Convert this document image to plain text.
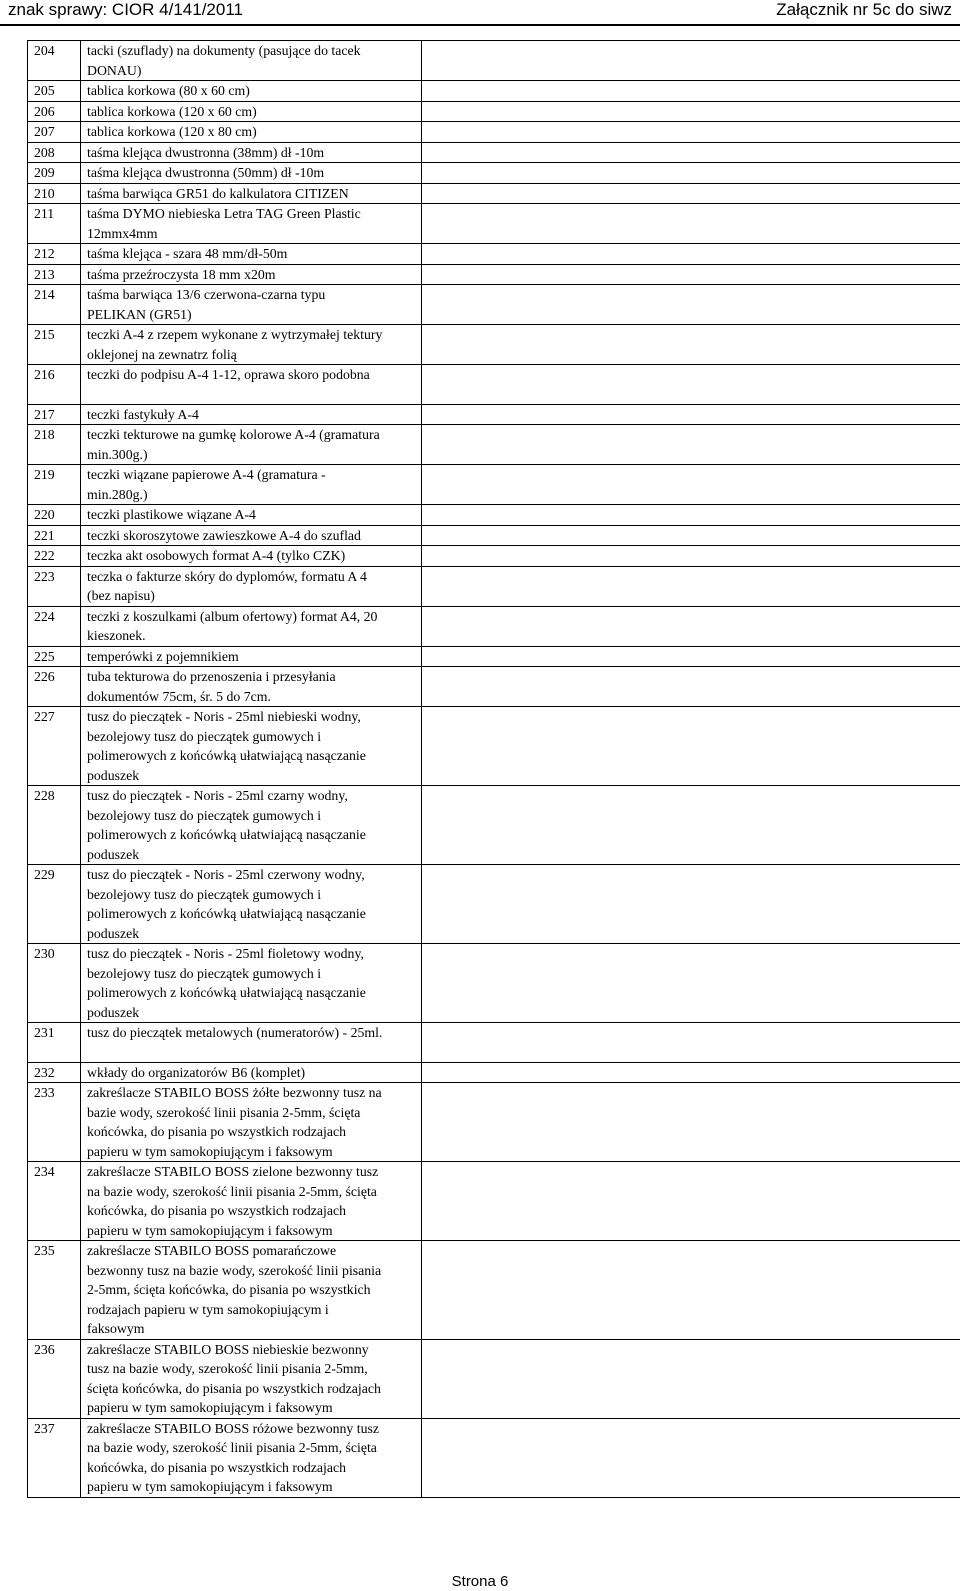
znak sprawy: CIOR 4/141/2011	Załącznik nr 5c do siwz
204	tacki (szuflady) na dokumenty (pasujące do tacek
DONAU)	

205	tablica korkowa (80 x 60 cm)	

206	tablica korkowa (120 x 60 cm)	

207	tablica korkowa (120 x 80 cm)	

208	taśma klejąca dwustronna (38mm) dł -10m	

209	taśma klejąca dwustronna (50mm) dł -10m	

210	taśma barwiąca GR51 do kalkulatora CITIZEN	

211	taśma DYMO niebieska Letra TAG Green Plastic
12mmx4mm	

212	taśma klejąca - szara 48 mm/dł-50m	

213	taśma przeźroczysta 18 mm x20m	

214	taśma barwiąca 13/6 czerwona-czarna typu
PELIKAN (GR51)	

215	teczki A-4 z rzepem wykonane z wytrzymałej tektury
oklejonej na zewnatrz folią	

216	teczki do podpisu A-4 1-12, oprawa skoro podobna	

217	teczki fastykuły A-4	

218	teczki tekturowe na gumkę kolorowe A-4 (gramatura
min.300g.)	

219	teczki wiązane papierowe A-4 (gramatura -
min.280g.)	

220	teczki plastikowe wiązane A-4	

221	teczki skoroszytowe zawieszkowe A-4 do szuflad	

222	teczka akt osobowych format A-4 (tylko CZK)	

223	teczka o fakturze skóry do dyplomów, formatu A 4
(bez napisu)	

224	teczki z koszulkami (album ofertowy) format A4, 20
kieszonek.	

225	temperówki z pojemnikiem	

226	tuba tekturowa do przenoszenia i przesyłania
dokumentów 75cm, śr. 5 do 7cm.	

227	tusz do pieczątek - Noris - 25ml niebieski wodny,
bezolejowy tusz do pieczątek gumowych i
polimerowych z końcówką ułatwiającą nasączanie
poduszek	

228	tusz do pieczątek - Noris - 25ml czarny wodny,
bezolejowy tusz do pieczątek gumowych i
polimerowych z końcówką ułatwiającą nasączanie
poduszek	

229	tusz do pieczątek - Noris - 25ml czerwony wodny,
bezolejowy tusz do pieczątek gumowych i
polimerowych z końcówką ułatwiającą nasączanie
poduszek	

230	tusz do pieczątek - Noris - 25ml fioletowy wodny,
bezolejowy tusz do pieczątek gumowych i
polimerowych z końcówką ułatwiającą nasączanie
poduszek	

231	tusz do pieczątek metalowych (numeratorów) - 25ml.	

232	wkłady do organizatorów B6 (komplet)	

233	zakreślacze STABILO BOSS żółte bezwonny tusz na
bazie wody, szerokość linii pisania 2-5mm, ścięta
końcówka, do pisania po wszystkich rodzajach
papieru w tym samokopiującym i faksowym	

234	zakreślacze STABILO BOSS zielone bezwonny tusz
na bazie wody, szerokość linii pisania 2-5mm, ścięta
końcówka, do pisania po wszystkich rodzajach
papieru w tym samokopiującym i faksowym	

235	zakreślacze STABILO BOSS pomarańczowe
bezwonny tusz na bazie wody, szerokość linii pisania
2-5mm, ścięta końcówka, do pisania po wszystkich
rodzajach papieru w tym samokopiującym i
faksowym	

236	zakreślacze STABILO BOSS niebieskie bezwonny
tusz na bazie wody, szerokość linii pisania 2-5mm,
ścięta końcówka, do pisania po wszystkich rodzajach
papieru w tym samokopiującym i faksowym	

237	zakreślacze STABILO BOSS różowe bezwonny tusz
na bazie wody, szerokość linii pisania 2-5mm, ścięta
końcówka, do pisania po wszystkich rodzajach
papieru w tym samokopiującym i faksowym	

Strona 6
